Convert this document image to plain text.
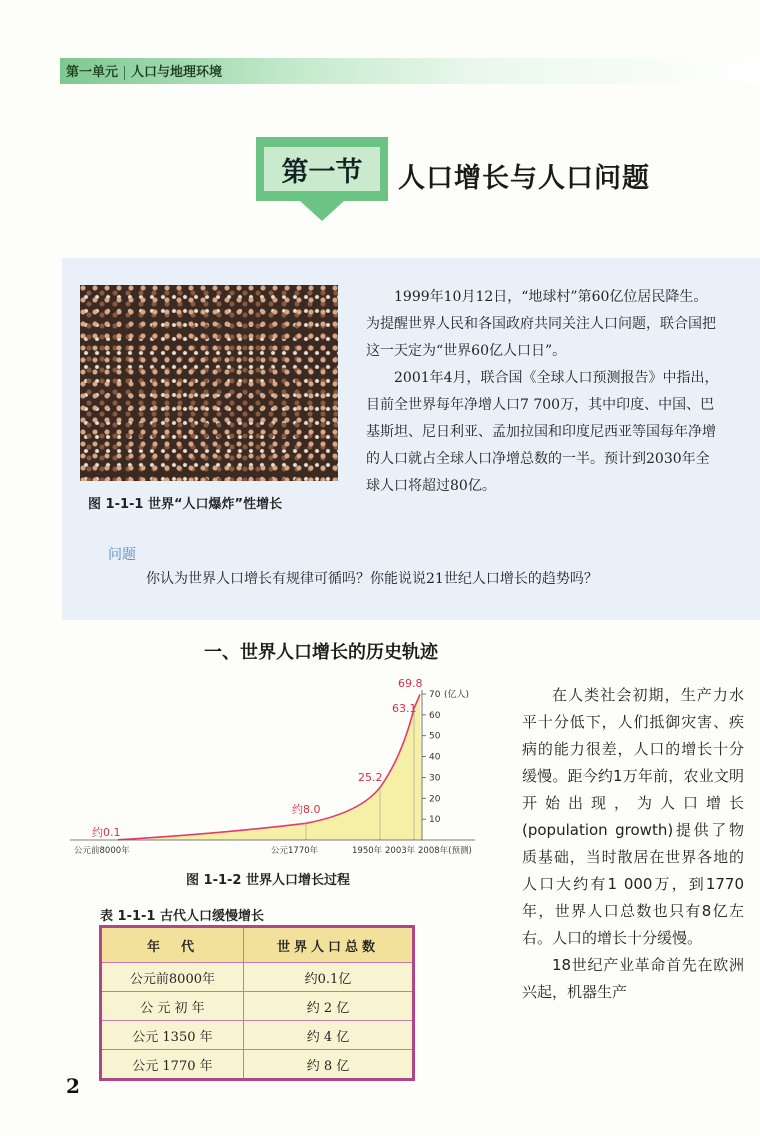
第一单元 人口与地理环境
第一节	人口增长与人口问题
图 1-1-1 世界“人口爆炸”性增长

1999年10月12日，“地球村”第60亿位居民降生。为提醒世界人民和各国政府共同关注人口问题，联合国把这一天定为“世界60亿人口日”。

2001年4月，联合国《全球人口预测报告》中指出，目前全世界每年净增人口7 700万，其中印度、中国、巴基斯坦、尼日利亚、孟加拉国和印度尼西亚等国每年净增的人口就占全球人口净增总数的一半。预计到2030年全球人口将超过80亿。

问题
你认为世界人口增长有规律可循吗？你能说说21世纪人口增长的趋势吗？
一、世界人口增长的历史轨迹
10
20
30
40
50
60
70 (亿人)
约0.1
约8.0
25.2
63.1
69.8
公元前8000年	公元1770年	1950年 2003年 2008年(预测)
图 1-1-2 世界人口增长过程
表 1-1-1 古代人口缓慢增长
年　代	世界人口总数
公元前8000年	约0.1亿
公 元 初 年	约 2 亿
公元 1350 年	约 4 亿
公元 1770 年	约 8 亿

在人类社会初期，生产力水平十分低下，人们抵御灾害、疾病的能力很差，人口的增长十分缓慢。距今约1万年前，农业文明开始出现，为人口增长(population growth)提供了物质基础，当时散居在世界各地的人口大约有1 000万，到1770年，世界人口总数也只有8亿左右。人口的增长十分缓慢。

18世纪产业革命首先在欧洲兴起，机器生产

2
